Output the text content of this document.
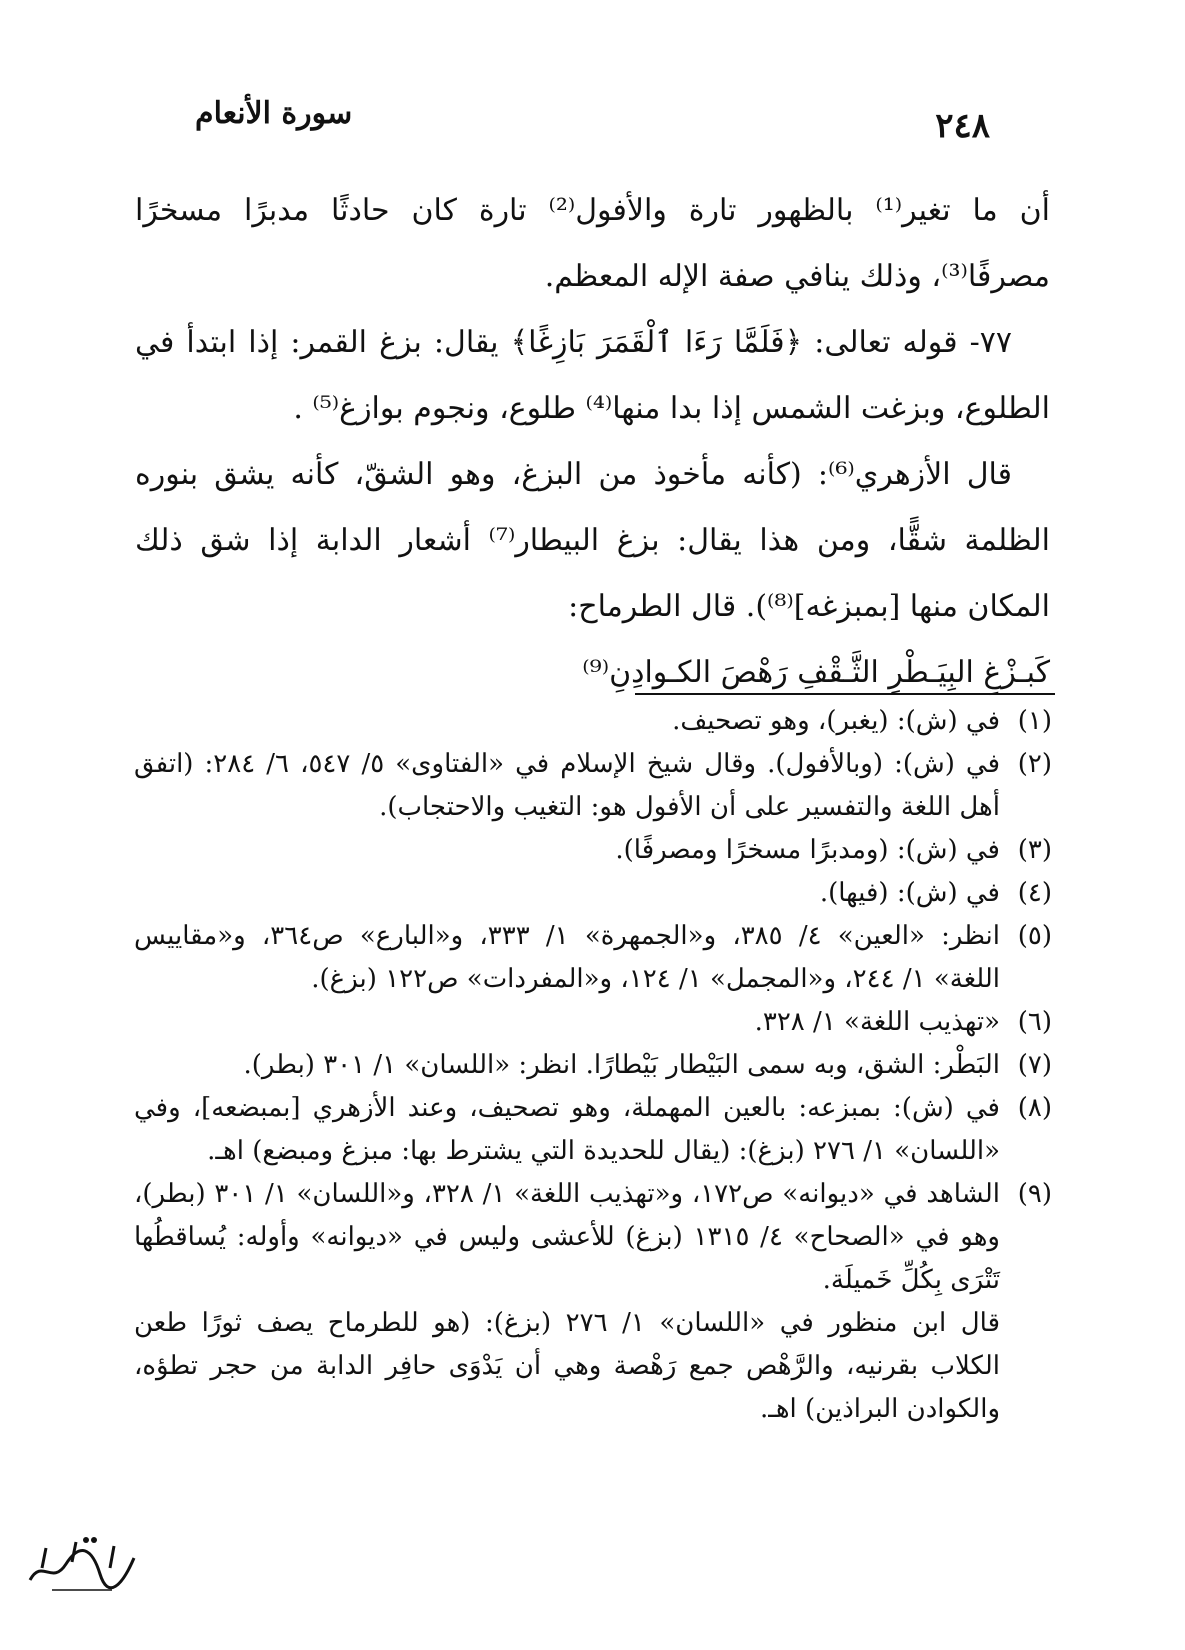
٢٤٨
سورة الأنعام

أن ما تغير⁽¹⁾ بالظهور تارة والأفول⁽²⁾ تارة كان حادثًا مدبرًا مسخرًا مصرفًا⁽³⁾، وذلك ينافي صفة الإله المعظم.

٧٧- قوله تعالى: ﴿فَلَمَّا رَءَا ٱلْقَمَرَ بَازِغًا﴾ يقال: بزغ القمر: إذا ابتدأ في الطلوع، وبزغت الشمس إذا بدا منها⁽⁴⁾ طلوع، ونجوم بوازغ⁽⁵⁾ .

قال الأزهري⁽⁶⁾: (كأنه مأخوذ من البزغ، وهو الشقّ، كأنه يشق بنوره الظلمة شقًّا، ومن هذا يقال: بزغ البيطار⁽⁷⁾ أشعار الدابة إذا شق ذلك المكان منها [بمبزغه]⁽⁸⁾). قال الطرماح:

كَبـزْغِ البِيَـطْرِ الثَّـقْفِ رَهْصَ الكـوادِنِ⁽⁹⁾

(١)
في (ش): (يغبر)، وهو تصحيف.
(٢)
في (ش): (وبالأفول). وقال شيخ الإسلام في «الفتاوى» ٥/ ٥٤٧، ٦/ ٢٨٤: (اتفق أهل اللغة والتفسير على أن الأفول هو: التغيب والاحتجاب).
(٣)
في (ش): (ومدبرًا مسخرًا ومصرفًا).
(٤)
في (ش): (فيها).
(٥)
انظر: «العين» ٤/ ٣٨٥، و«الجمهرة» ١/ ٣٣٣، و«البارع» ص٣٦٤، و«مقاييس اللغة» ١/ ٢٤٤، و«المجمل» ١/ ١٢٤، و«المفردات» ص١٢٢ (بزغ).
(٦)
«تهذيب اللغة» ١/ ٣٢٨.
(٧)
البَطْر: الشق، وبه سمى البَيْطار بَيْطارًا. انظر: «اللسان» ١/ ٣٠١ (بطر).
(٨)
في (ش): بمبزعه: بالعين المهملة، وهو تصحيف، وعند الأزهري [بمبضعه]، وفي «اللسان» ١/ ٢٧٦ (بزغ): (يقال للحديدة التي يشترط بها: مبزغ ومبضع) اهـ.
(٩)
الشاهد في «ديوانه» ص١٧٢، و«تهذيب اللغة» ١/ ٣٢٨، و«اللسان» ١/ ٣٠١ (بطر)، وهو في «الصحاح» ٤/ ١٣١٥ (بزغ) للأعشى وليس في «ديوانه» وأوله: يُساقطُها تَتْرَى بِكُلِّ خَميلَة.
قال ابن منظور في «اللسان» ١/ ٢٧٦ (بزغ): (هو للطرماح يصف ثورًا طعن الكلاب بقرنيه، والرَّهْص جمع رَهْصة وهي أن يَدْوَى حافِر الدابة من حجر تطؤه، والكوادن البراذين) اهـ.
